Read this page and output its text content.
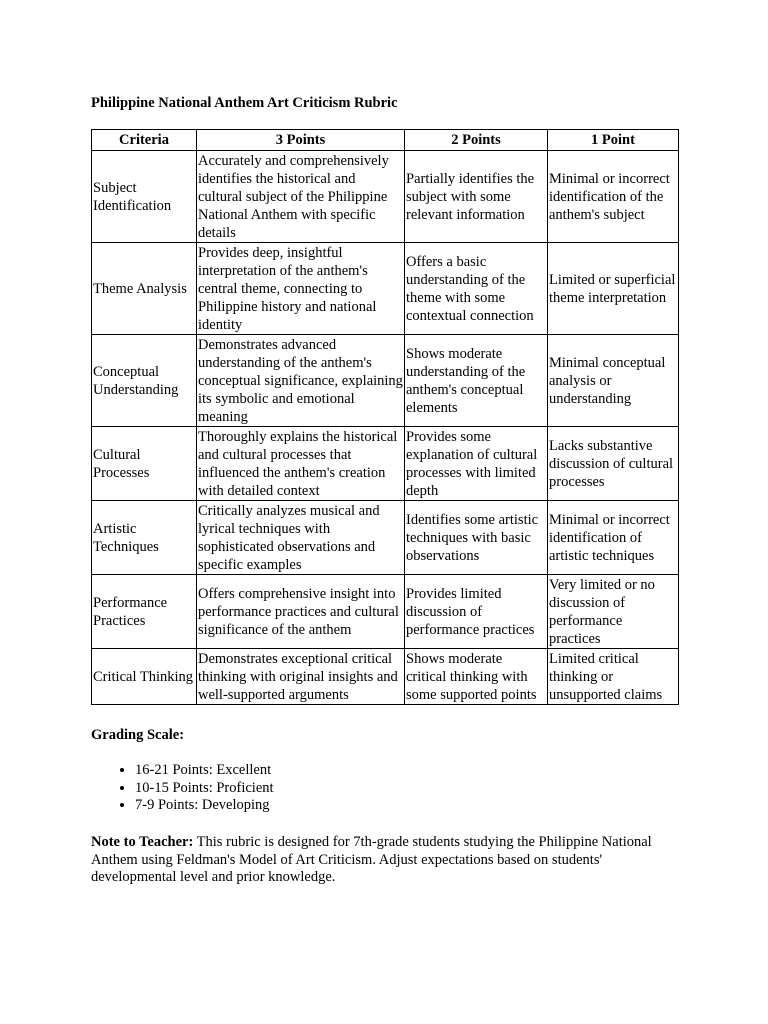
Philippine National Anthem Art Criticism Rubric

Criteria	3 Points	2 Points	1 Point
Subject Identification	Accurately and comprehensively identifies the historical and cultural subject of the Philippine National Anthem with specific details	Partially identifies the subject with some relevant information	Minimal or incorrect identification of the anthem's subject
Theme Analysis	Provides deep, insightful interpretation of the anthem's central theme, connecting to Philippine history and national identity	Offers a basic understanding of the theme with some contextual connection	Limited or superficial theme interpretation
Conceptual Understanding	Demonstrates advanced understanding of the anthem's conceptual significance, explaining its symbolic and emotional meaning	Shows moderate understanding of the anthem's conceptual elements	Minimal conceptual analysis or understanding
Cultural Processes	Thoroughly explains the historical and cultural processes that influenced the anthem's creation with detailed context	Provides some explanation of cultural processes with limited depth	Lacks substantive discussion of cultural processes
Artistic Techniques	Critically analyzes musical and lyrical techniques with sophisticated observations and specific examples	Identifies some artistic techniques with basic observations	Minimal or incorrect identification of artistic techniques
Performance Practices	Offers comprehensive insight into performance practices and cultural significance of the anthem	Provides limited discussion of performance practices	Very limited or no discussion of performance practices
Critical Thinking	Demonstrates exceptional critical thinking with original insights and well-supported arguments	Shows moderate critical thinking with some supported points	Limited critical thinking or unsupported claims

Grading Scale:

• 16-21 Points: Excellent
• 10-15 Points: Proficient
• 7-9 Points: Developing

Note to Teacher: This rubric is designed for 7th-grade students studying the Philippine National Anthem using Feldman's Model of Art Criticism. Adjust expectations based on students' developmental level and prior knowledge.
